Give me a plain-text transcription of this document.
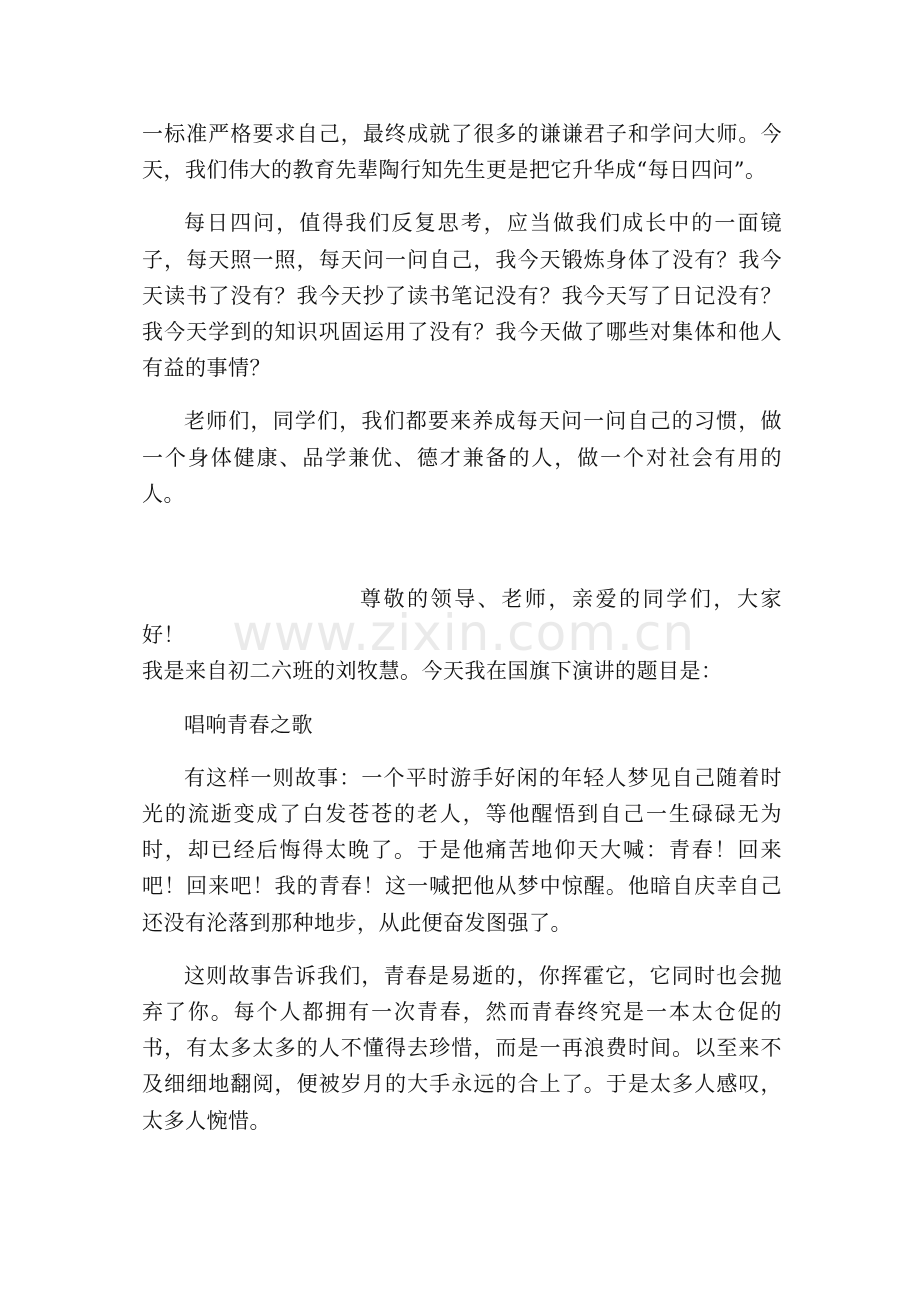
一标准严格要求自己，最终成就了很多的谦谦君子和学问大师。今天，我们伟大的教育先辈陶行知先生更是把它升华成“每日四问”。

每日四问，值得我们反复思考，应当做我们成长中的一面镜子，每天照一照，每天问一问自己，我今天锻炼身体了没有？我今天读书了没有？我今天抄了读书笔记没有？我今天写了日记没有？我今天学到的知识巩固运用了没有？我今天做了哪些对集体和他人有益的事情？

老师们，同学们，我们都要来养成每天问一问自己的习惯，做一个身体健康、品学兼优、德才兼备的人，做一个对社会有用的人。

尊敬的领导、老师，亲爱的同学们，大家好！
我是来自初二六班的刘牧慧。今天我在国旗下演讲的题目是：

唱响青春之歌

有这样一则故事：一个平时游手好闲的年轻人梦见自己随着时光的流逝变成了白发苍苍的老人，等他醒悟到自己一生碌碌无为时，却已经后悔得太晚了。于是他痛苦地仰天大喊：青春！回来吧！回来吧！我的青春！这一喊把他从梦中惊醒。他暗自庆幸自己还没有沦落到那种地步，从此便奋发图强了。

这则故事告诉我们，青春是易逝的，你挥霍它，它同时也会抛弃了你。每个人都拥有一次青春，然而青春终究是一本太仓促的书，有太多太多的人不懂得去珍惜，而是一再浪费时间。以至来不及细细地翻阅，便被岁月的大手永远的合上了。于是太多人感叹，太多人惋惜。

www.zixin.com.cn
